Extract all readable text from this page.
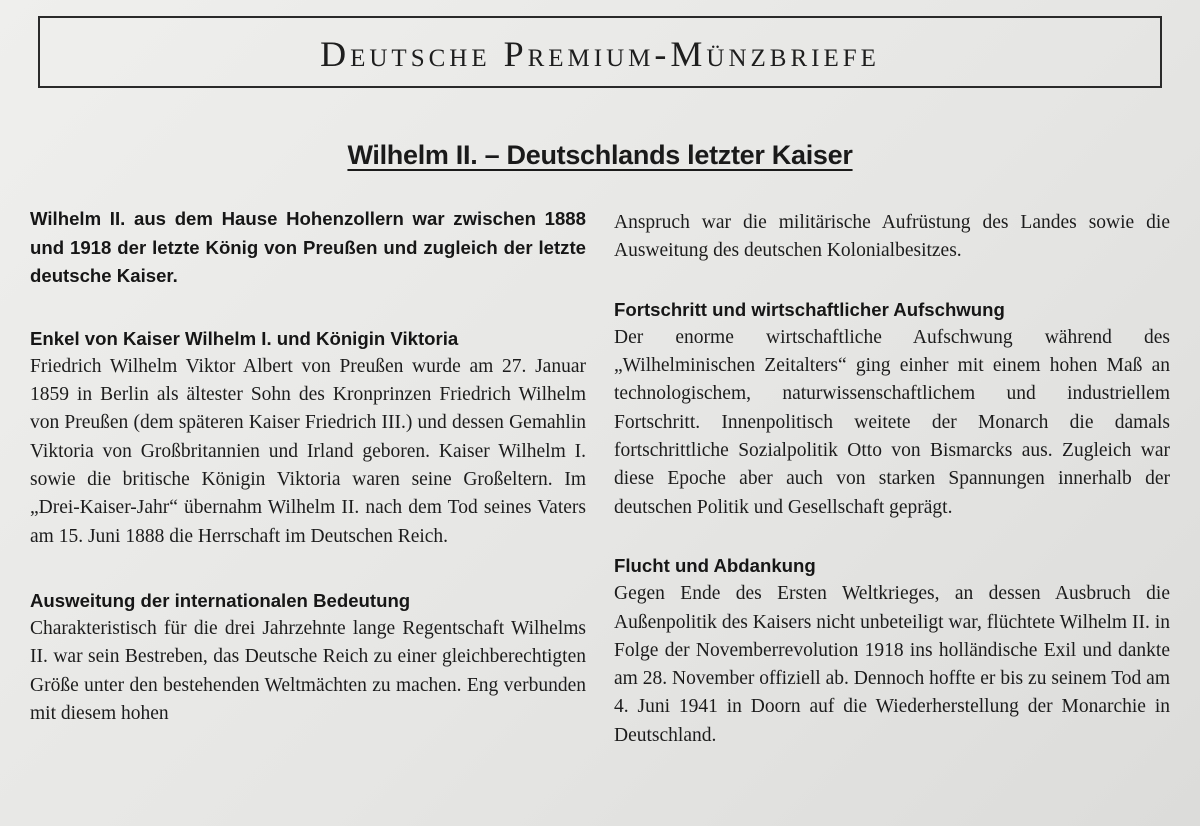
Deutsche Premium-Münzbriefe
Wilhelm II. – Deutschlands letzter Kaiser

Wilhelm II. aus dem Hause Hohenzollern war zwischen 1888 und 1918 der letzte König von Preußen und zugleich der letzte deutsche Kaiser.

Enkel von Kaiser Wilhelm I. und Königin Viktoria

Friedrich Wilhelm Viktor Albert von Preußen wurde am 27. Januar 1859 in Berlin als ältester Sohn des Kronprinzen Friedrich Wilhelm von Preußen (dem späteren Kaiser Friedrich III.) und dessen Gemahlin Viktoria von Großbritannien und Irland geboren. Kaiser Wilhelm I. sowie die britische Königin Viktoria waren seine Großeltern. Im „Drei-Kaiser-Jahr“ übernahm Wilhelm II. nach dem Tod seines Vaters am 15. Juni 1888 die Herrschaft im Deutschen Reich.

Ausweitung der internationalen Bedeutung

Charakteristisch für die drei Jahrzehnte lange Regentschaft Wilhelms II. war sein Bestreben, das Deutsche Reich zu einer gleichberechtigten Größe unter den bestehenden Weltmächten zu machen. Eng verbunden mit diesem hohen

Anspruch war die militärische Aufrüstung des Landes sowie die Ausweitung des deutschen Kolonialbesitzes.

Fortschritt und wirtschaftlicher Aufschwung

Der enorme wirtschaftliche Aufschwung während des „Wilhelminischen Zeitalters“ ging einher mit einem hohen Maß an technologischem, naturwissenschaftlichem und industriellem Fortschritt. Innenpolitisch weitete der Monarch die damals fortschrittliche Sozialpolitik Otto von Bismarcks aus. Zugleich war diese Epoche aber auch von starken Spannungen innerhalb der deutschen Politik und Gesellschaft geprägt.

Flucht und Abdankung

Gegen Ende des Ersten Weltkrieges, an dessen Ausbruch die Außenpolitik des Kaisers nicht unbeteiligt war, flüchtete Wilhelm II. in Folge der Novemberrevolution 1918 ins holländische Exil und dankte am 28. November offiziell ab. Dennoch hoffte er bis zu seinem Tod am 4. Juni 1941 in Doorn auf die Wiederherstellung der Monarchie in Deutschland.
